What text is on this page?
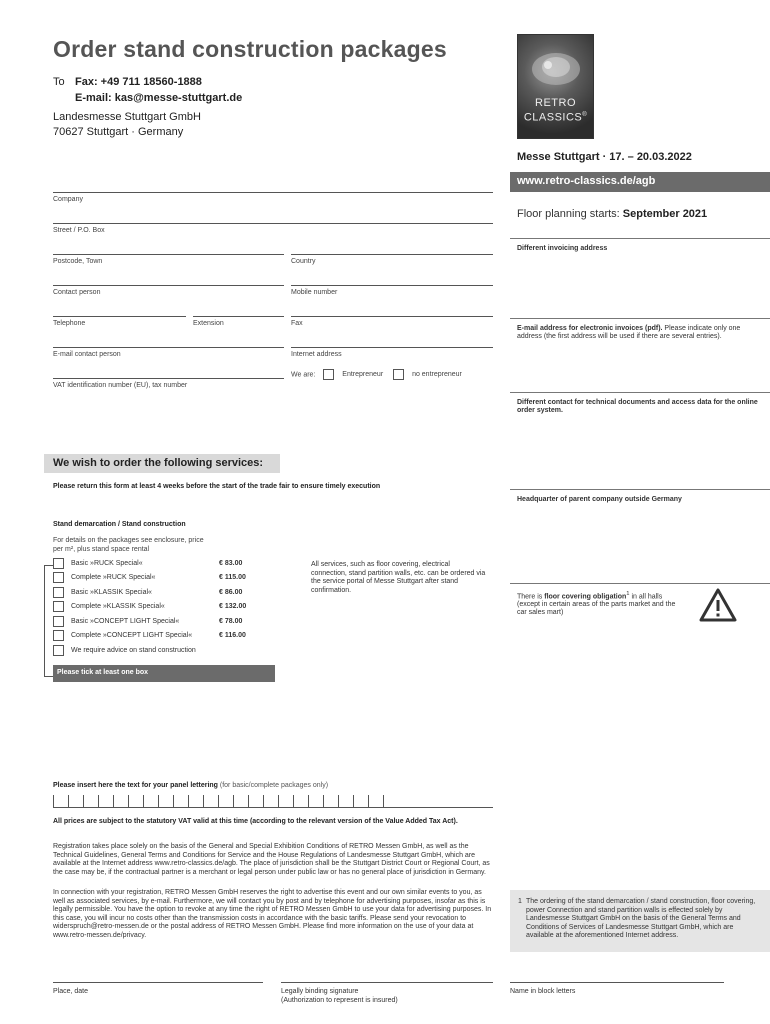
Order stand construction packages
To Fax: +49 711 18560-1888
E-mail: kas@messe-stuttgart.de
Landesmesse Stuttgart GmbH
70627 Stuttgart · Germany
RETRO
CLASSICS®
Messe Stuttgart · 17. – 20.03.2022
www.retro-classics.de/agb
Floor planning starts: September 2021
Company
Street / P.O. Box
Postcode, Town	Country
Contact person	Mobile number
Telephone	Extension	Fax
E-mail contact person	Internet address
VAT identification number (EU), tax number
We are:	Entrepreneur	no entrepreneur
Different invoicing address
E-mail address for electronic invoices (pdf). Please indicate only one address (the first address will be used if there are several entries).
Different contact for technical documents and access data for the online order system.
Headquarter of parent company outside Germany
There is floor covering obligation$^1$ in all halls (except in certain areas of the parts market and the car sales mart)
We wish to order the following services:
Please return this form at least 4 weeks before the start of the trade fair to ensure timely execution
Stand demarcation / Stand construction
For details on the packages see enclosure, price per m², plus stand space rental
Basic »RUCK Special«	€ 83.00
Complete »RUCK Special«	€ 115.00
Basic »KLASSIK Special«	€ 86.00
Complete »KLASSIK Special«	€ 132.00
Basic »CONCEPT LIGHT Special«	€ 78.00
Complete »CONCEPT LIGHT Special«	€ 116.00
We require advice on stand construction
All services, such as floor covering, electrical connection, stand partition walls, etc. can be ordered via the service portal of Messe Stuttgart after stand confirmation.
Please tick at least one box
Please insert here the text for your panel lettering (for basic/complete packages only)
All prices are subject to the statutory VAT valid at this time (according to the relevant version of the Value Added Tax Act).
Registration takes place solely on the basis of the General and Special Exhibition Conditions of RETRO Messen GmbH, as well as the Technical Guidelines, General Terms and Conditions for Service and the House Regulations of Landesmesse Stuttgart GmbH, which are available at the Internet address www.retro-classics.de/agb. The place of jurisdiction shall be the Stuttgart District Court or Regional Court, as the case may be, if the contractual partner is a merchant or legal person under public law or has no general place of jurisdiction in Germany.
In connection with your registration, RETRO Messen GmbH reserves the right to advertise this event and our own similar events to you, as well as associated services, by e-mail. Furthermore, we will contact you by post and by telephone for advertising purposes, insofar as this is legally permissible. You have the option to revoke at any time the right of RETRO Messen GmbH to use your data for advertising purposes. In this case, you will incur no costs other than the transmission costs in accordance with the basic tariffs. Please send your revocation to widerspruch@retro-messen.de or the postal address of RETRO Messen GmbH. Please find more information on the use of your data at www.retro-messen.de/privacy.
1 The ordering of the stand demarcation / stand construction, floor covering, power Connection and stand partition walls is effected solely by Landesmesse Stuttgart GmbH on the basis of the General Terms and Conditions of Services of Landesmesse Stuttgart GmbH, which are available at the aforementioned Internet address.
Place, date	Legally binding signature
(Authorization to represent is insured)
Name in block letters
